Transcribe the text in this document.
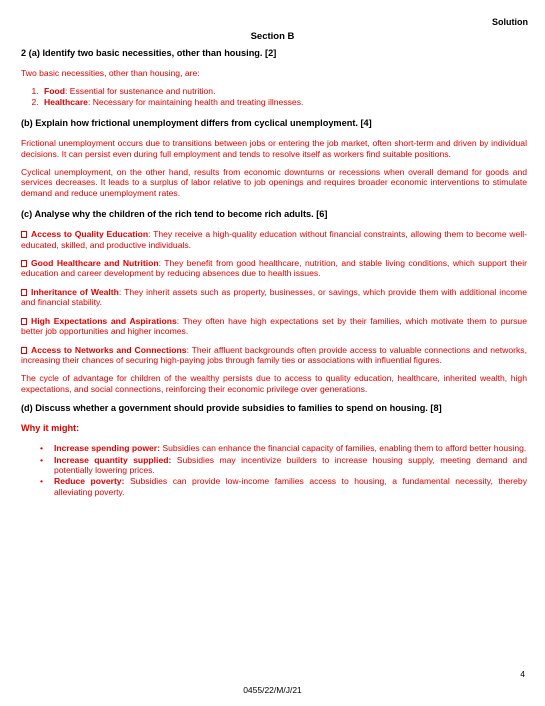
Solution
Section B
2 (a) Identify two basic necessities, other than housing. [2]

Two basic necessities, other than housing, are:

1. Food: Essential for sustenance and nutrition.
2. Healthcare: Necessary for maintaining health and treating illnesses.
(b) Explain how frictional unemployment differs from cyclical unemployment. [4]

Frictional unemployment occurs due to transitions between jobs or entering the job market, often short-term and driven by individual decisions. It can persist even during full employment and tends to resolve itself as workers find suitable positions.

Cyclical unemployment, on the other hand, results from economic downturns or recessions when overall demand for goods and services decreases. It leads to a surplus of labor relative to job openings and requires broader economic interventions to stimulate demand and reduce unemployment rates.

(c) Analyse why the children of the rich tend to become rich adults. [6]

Access to Quality Education: They receive a high-quality education without financial constraints, allowing them to become well-educated, skilled, and productive individuals.

Good Healthcare and Nutrition: They benefit from good healthcare, nutrition, and stable living conditions, which support their education and career development by reducing absences due to health issues.

Inheritance of Wealth: They inherit assets such as property, businesses, or savings, which provide them with additional income and financial stability.

High Expectations and Aspirations: They often have high expectations set by their families, which motivate them to pursue better job opportunities and higher incomes.

Access to Networks and Connections: Their affluent backgrounds often provide access to valuable connections and networks, increasing their chances of securing high-paying jobs through family ties or associations with influential figures.

The cycle of advantage for children of the wealthy persists due to access to quality education, healthcare, inherited wealth, high expectations, and social connections, reinforcing their economic privilege over generations.

(d) Discuss whether a government should provide subsidies to families to spend on housing. [8]
Why it might:
• Increase spending power: Subsidies can enhance the financial capacity of families, enabling them to afford better housing.
• Increase quantity supplied: Subsidies may incentivize builders to increase housing supply, meeting demand and potentially lowering prices.
• Reduce poverty: Subsidies can provide low-income families access to housing, a fundamental necessity, thereby alleviating poverty.
4
0455/22/M/J/21
